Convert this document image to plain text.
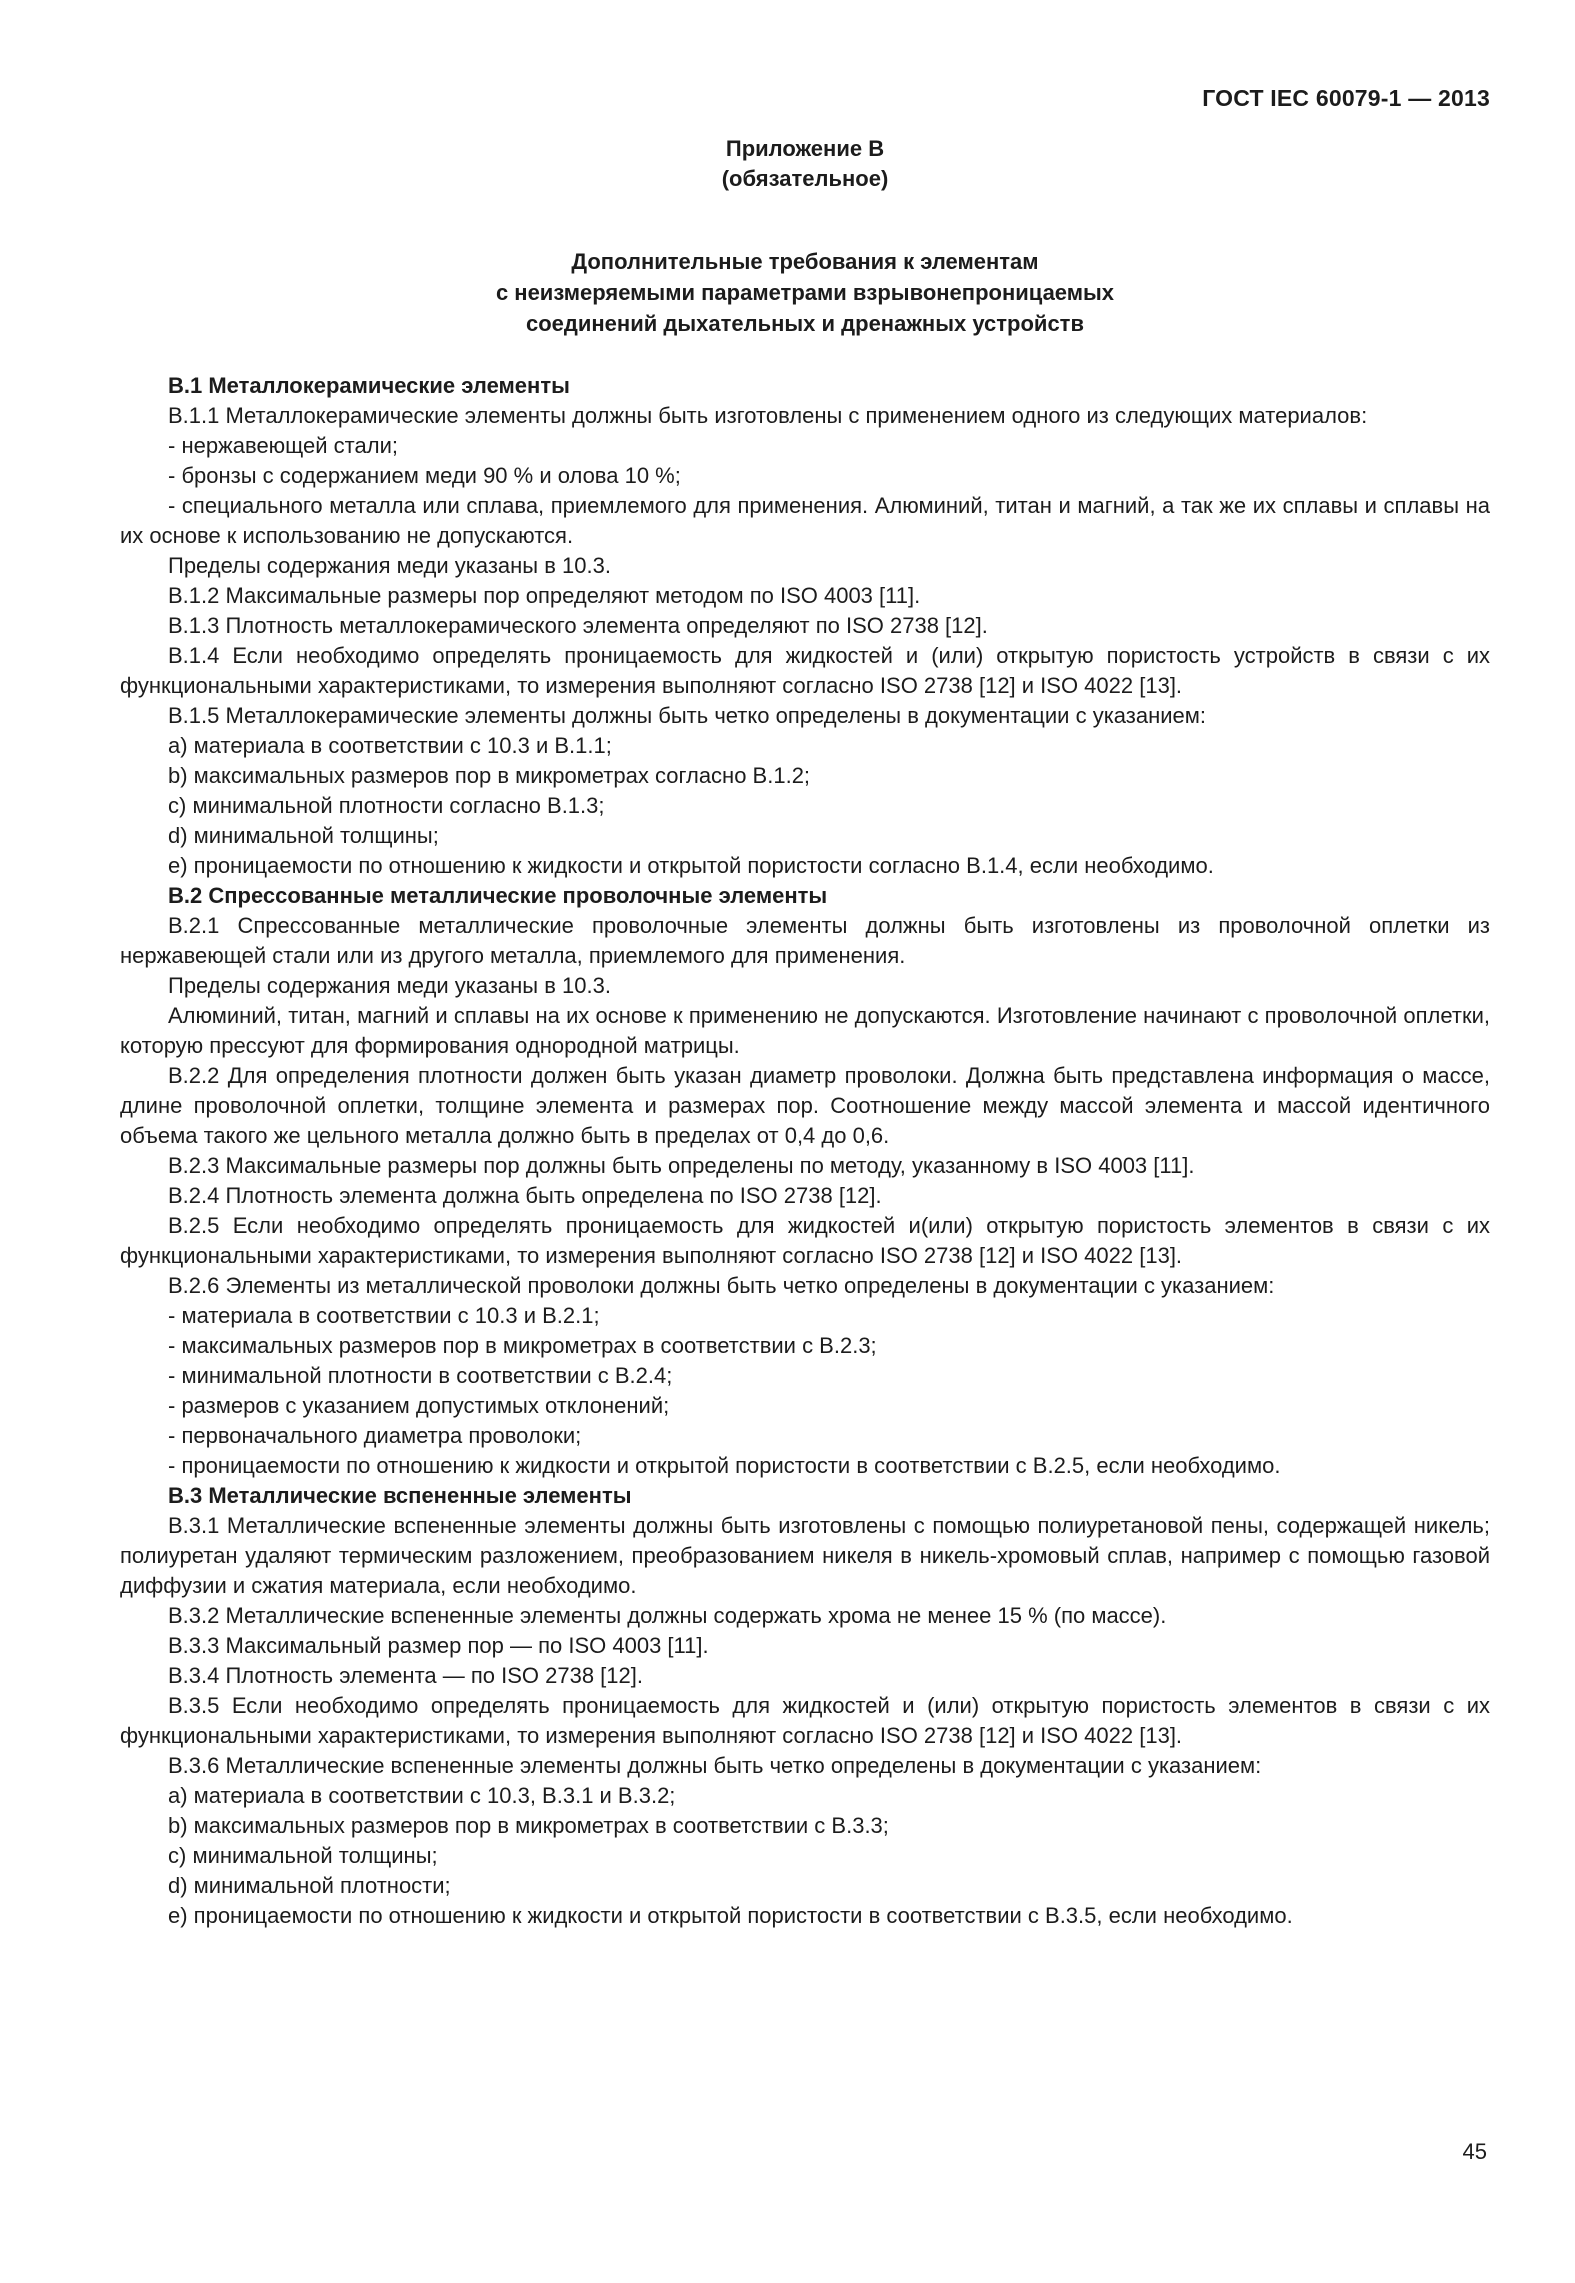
ГОСТ IEC 60079-1 — 2013
Приложение В
(обязательное)
Дополнительные требования к элементам
с неизмеряемыми параметрами взрывонепроницаемых
соединений дыхательных и дренажных устройств

В.1 Металлокерамические элементы

В.1.1 Металлокерамические элементы должны быть изготовлены с применением одного из следующих материалов:

- нержавеющей стали;

- бронзы с содержанием меди 90 % и олова 10 %;

- специального металла или сплава, приемлемого для применения. Алюминий, титан и магний, а так же их сплавы и сплавы на их основе к использованию не допускаются.

Пределы содержания меди указаны в 10.3.

В.1.2 Максимальные размеры пор определяют методом по ISO 4003 [11].

В.1.3 Плотность металлокерамического элемента определяют по ISO 2738 [12].

В.1.4 Если необходимо определять проницаемость для жидкостей и (или) открытую пористость устройств в связи с их функциональными характеристиками, то измерения выполняют согласно ISO 2738 [12] и ISO 4022 [13].

В.1.5 Металлокерамические элементы должны быть четко определены в документации с указанием:

a) материала в соответствии с 10.3 и В.1.1;

b) максимальных размеров пор в микрометрах согласно В.1.2;

c) минимальной плотности согласно В.1.3;

d) минимальной толщины;

e) проницаемости по отношению к жидкости и открытой пористости согласно В.1.4, если необходимо.

В.2 Спрессованные металлические проволочные элементы

В.2.1 Спрессованные металлические проволочные элементы должны быть изготовлены из проволочной оплетки из нержавеющей стали или из другого металла, приемлемого для применения.

Пределы содержания меди указаны в 10.3.

Алюминий, титан, магний и сплавы на их основе к применению не допускаются. Изготовление начинают с проволочной оплетки, которую прессуют для формирования однородной матрицы.

В.2.2 Для определения плотности должен быть указан диаметр проволоки. Должна быть представлена информация о массе, длине проволочной оплетки, толщине элемента и размерах пор. Соотношение между массой элемента и массой идентичного объема такого же цельного металла должно быть в пределах от 0,4 до 0,6.

В.2.3 Максимальные размеры пор должны быть определены по методу, указанному в ISO 4003 [11].

В.2.4 Плотность элемента должна быть определена по ISO 2738 [12].

В.2.5 Если необходимо определять проницаемость для жидкостей и(или) открытую пористость элементов в связи с их функциональными характеристиками, то измерения выполняют согласно ISO 2738 [12] и ISO 4022 [13].

В.2.6 Элементы из металлической проволоки должны быть четко определены в документации с указанием:

- материала в соответствии с 10.3 и В.2.1;

- максимальных размеров пор в микрометрах в соответствии с В.2.3;

- минимальной плотности в соответствии с В.2.4;

- размеров с указанием допустимых отклонений;

- первоначального диаметра проволоки;

- проницаемости по отношению к жидкости и открытой пористости в соответствии с В.2.5, если необходимо.

В.3 Металлические вспененные элементы

В.3.1 Металлические вспененные элементы должны быть изготовлены с помощью полиуретановой пены, содержащей никель; полиуретан удаляют термическим разложением, преобразованием никеля в никель-хромовый сплав, например с помощью газовой диффузии и сжатия материала, если необходимо.

В.3.2 Металлические вспененные элементы должны содержать хрома не менее 15 % (по массе).

В.3.3 Максимальный размер пор — по ISO 4003 [11].

В.3.4 Плотность элемента — по ISO 2738 [12].

В.3.5 Если необходимо определять проницаемость для жидкостей и (или) открытую пористость элементов в связи с их функциональными характеристиками, то измерения выполняют согласно ISO 2738 [12] и ISO 4022 [13].

В.3.6 Металлические вспененные элементы должны быть четко определены в документации с указанием:

a) материала в соответствии с 10.3, В.3.1 и В.3.2;

b) максимальных размеров пор в микрометрах в соответствии с В.3.3;

c) минимальной толщины;

d) минимальной плотности;

e) проницаемости по отношению к жидкости и открытой пористости в соответствии с В.3.5, если необходимо.

45
